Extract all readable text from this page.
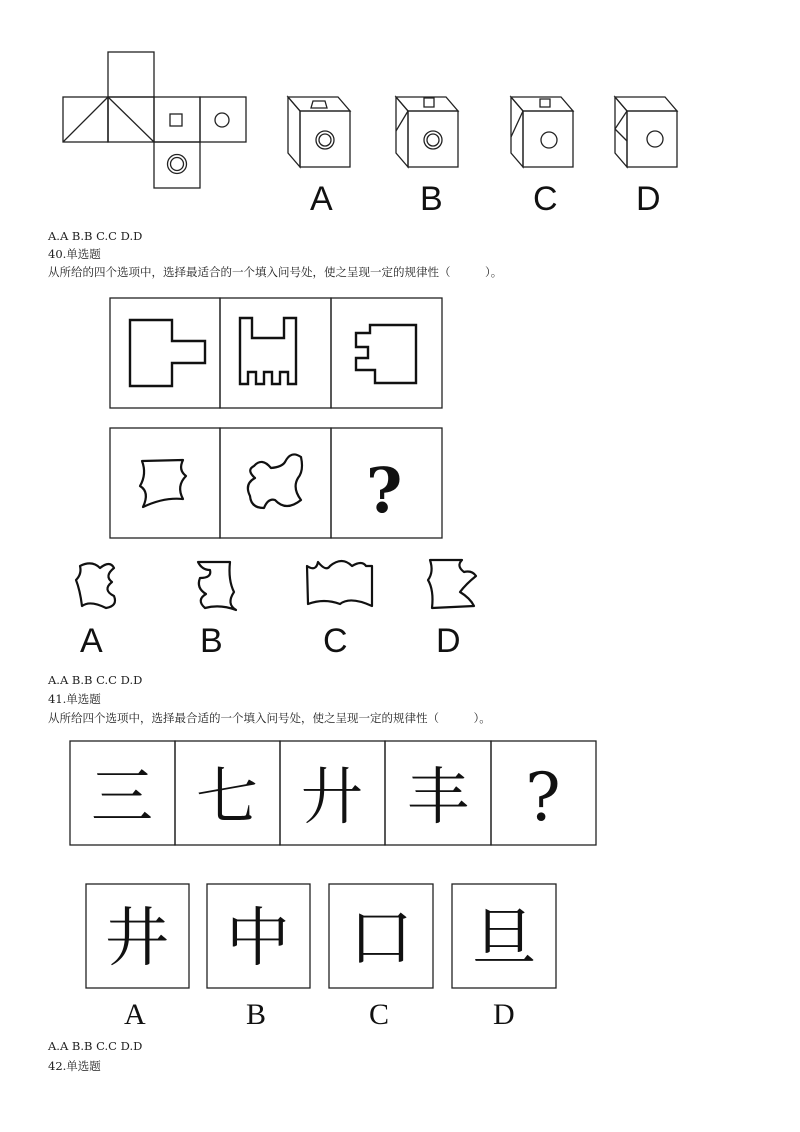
A	B	C D
A.A B.B C.C D.D
40.单选题
从所给的四个选项中，选择最适合的一个填入问号处，使之呈现一定的规律性（　　　）。
?
A	B	C	D
A.A B.B C.C D.D
41.单选题
从所给四个选项中，选择最合适的一个填入问号处，使之呈现一定的规律性（　　　）。
三 七 廾 丰 ?
井 中 口 旦
A	B	C	D
A.A B.B C.C D.D
42.单选题
